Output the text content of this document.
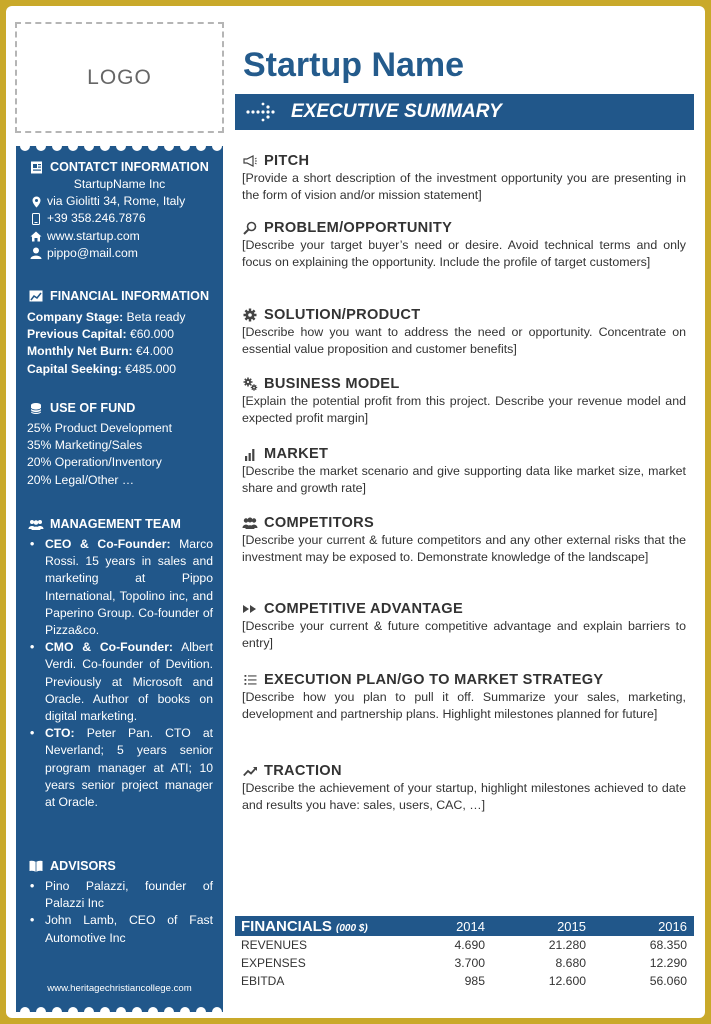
LOGO
CONTATCT INFORMATION
StartupName Inc
via Giolitti 34, Rome, Italy
+39 358.246.7876
www.startup.com
pippo@mail.com
FINANCIAL INFORMATION
Company Stage: Beta ready
Previous Capital: €60.000
Monthly Net Burn: €4.000
Capital Seeking: €485.000
USE OF FUND
25% Product Development
35% Marketing/Sales
20% Operation/Inventory
20% Legal/Other …
MANAGEMENT TEAM
• CEO & Co-Founder: Marco Rossi. 15 years in sales and marketing at Pippo International, Topolino inc, and Paperino Group. Co-founder of Pizza&co.
• CMO & Co-Founder: Albert Verdi. Co-founder of Devition. Previously at Microsoft and Oracle. Author of books on digital marketing.
• CTO: Peter Pan. CTO at Neverland; 5 years senior program manager at ATI; 10 years senior project manager at Oracle.
ADVISORS
• Pino Palazzi, founder of Palazzi Inc
• John Lamb, CEO of Fast Automotive Inc
www.heritagechristiancollege.com
Startup Name
EXECUTIVE SUMMARY
PITCH
[Provide a short description of the investment opportunity you are presenting in the form of vision and/or mission statement]
PROBLEM/OPPORTUNITY
[Describe your target buyer’s need or desire. Avoid technical terms and only focus on explaining the opportunity. Include the profile of target customers]
SOLUTION/PRODUCT
[Describe how you want to address the need or opportunity. Concentrate on essential value proposition and customer benefits]
BUSINESS MODEL
[Explain the potential profit from this project. Describe your revenue model and expected profit margin]
MARKET
[Describe the market scenario and give supporting data like market size, market share and growth rate]
COMPETITORS
[Describe your current & future competitors and any other external risks that the investment may be exposed to. Demonstrate knowledge of the landscape]
COMPETITIVE ADVANTAGE
[Describe your current & future competitive advantage and explain barriers to entry]
EXECUTION PLAN/GO TO MARKET STRATEGY
[Describe how you plan to pull it off. Summarize your sales, marketing, development and partnership plans. Highlight milestones planned for future]
TRACTION
[Describe the achievement of your startup, highlight milestones achieved to date and results you have: sales, users, CAC, …]
FINANCIALS (000 $)	2014	2015	2016
REVENUES	4.690	21.280	68.350
EXPENSES	3.700	8.680	12.290
EBITDA	985	12.600	56.060
